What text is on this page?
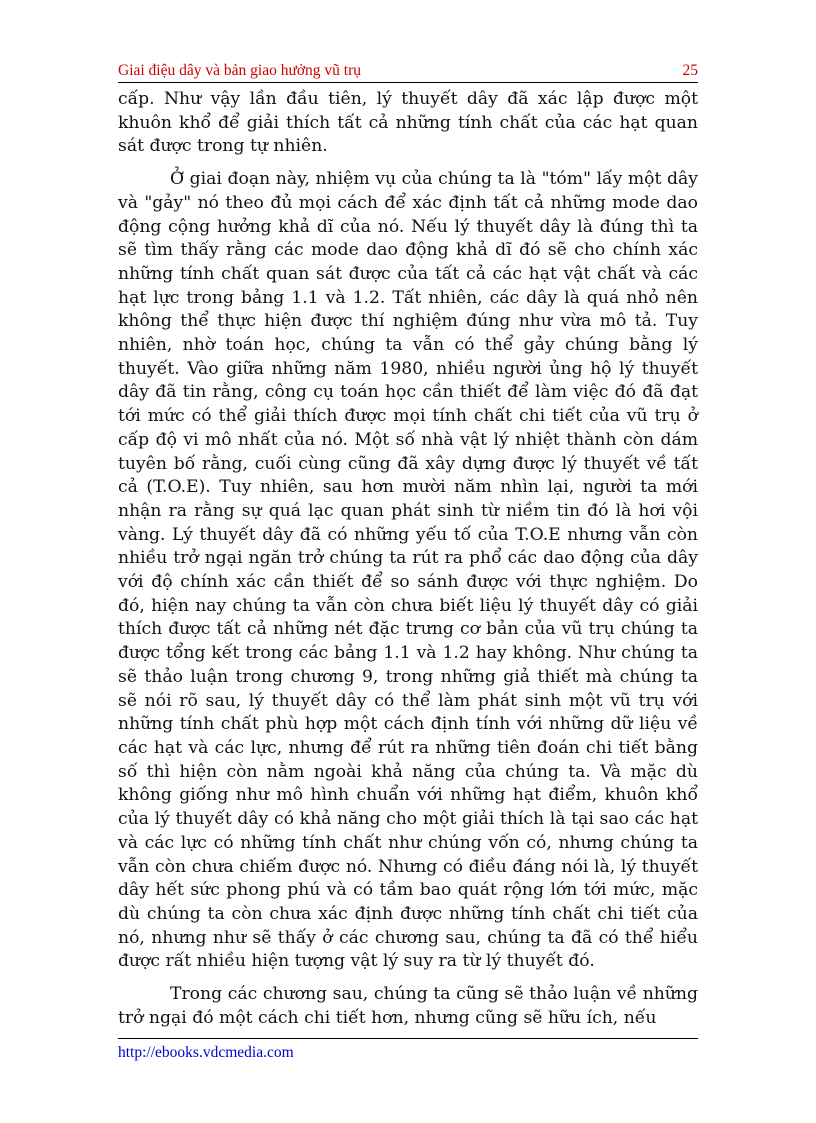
Giai điệu dây và bản giao hưởng vũ trụ	25

cấp. Như vậy lần đầu tiên, lý thuyết dây đã xác lập được một khuôn khổ để giải thích tất cả những tính chất của các hạt quan sát được trong tự nhiên.

Ở giai đoạn này, nhiệm vụ của chúng ta là "tóm" lấy một dây và "gảy" nó theo đủ mọi cách để xác định tất cả những mode dao động cộng hưởng khả dĩ của nó. Nếu lý thuyết dây là đúng thì ta sẽ tìm thấy rằng các mode dao động khả dĩ đó sẽ cho chính xác những tính chất quan sát được của tất cả các hạt vật chất và các hạt lực trong bảng 1.1 và 1.2. Tất nhiên, các dây là quá nhỏ nên không thể thực hiện được thí nghiệm đúng như vừa mô tả. Tuy nhiên, nhờ toán học, chúng ta vẫn có thể gảy chúng bằng lý thuyết. Vào giữa những năm 1980, nhiều người ủng hộ lý thuyết dây đã tin rằng, công cụ toán học cần thiết để làm việc đó đã đạt tới mức có thể giải thích được mọi tính chất chi tiết của vũ trụ ở cấp độ vi mô nhất của nó. Một số nhà vật lý nhiệt thành còn dám tuyên bố rằng, cuối cùng cũng đã xây dựng được lý thuyết về tất cả (T.O.E). Tuy nhiên, sau hơn mười năm nhìn lại, người ta mới nhận ra rằng sự quá lạc quan phát sinh từ niềm tin đó là hơi vội vàng. Lý thuyết dây đã có những yếu tố của T.O.E nhưng vẫn còn nhiều trở ngại ngăn trở chúng ta rút ra phổ các dao động của dây với độ chính xác cần thiết để so sánh được với thực nghiệm. Do đó, hiện nay chúng ta vẫn còn chưa biết liệu lý thuyết dây có giải thích được tất cả những nét đặc trưng cơ bản của vũ trụ chúng ta được tổng kết trong các bảng 1.1 và 1.2 hay không. Như chúng ta sẽ thảo luận trong chương 9, trong những giả thiết mà chúng ta sẽ nói rõ sau, lý thuyết dây có thể làm phát sinh một vũ trụ với những tính chất phù hợp một cách định tính với những dữ liệu về các hạt và các lực, nhưng để rút ra những tiên đoán chi tiết bằng số thì hiện còn nằm ngoài khả năng của chúng ta. Và mặc dù không giống như mô hình chuẩn với những hạt điểm, khuôn khổ của lý thuyết dây có khả năng cho một giải thích là tại sao các hạt và các lực có những tính chất như chúng vốn có, nhưng chúng ta vẫn còn chưa chiếm được nó. Nhưng có điều đáng nói là, lý thuyết dây hết sức phong phú và có tầm bao quát rộng lớn tới mức, mặc dù chúng ta còn chưa xác định được những tính chất chi tiết của nó, nhưng như sẽ thấy ở các chương sau, chúng ta đã có thể hiểu được rất nhiều hiện tượng vật lý suy ra từ lý thuyết đó.

Trong các chương sau, chúng ta cũng sẽ thảo luận về những trở ngại đó một cách chi tiết hơn, nhưng cũng sẽ hữu ích, nếu

http://ebooks.vdcmedia.com
